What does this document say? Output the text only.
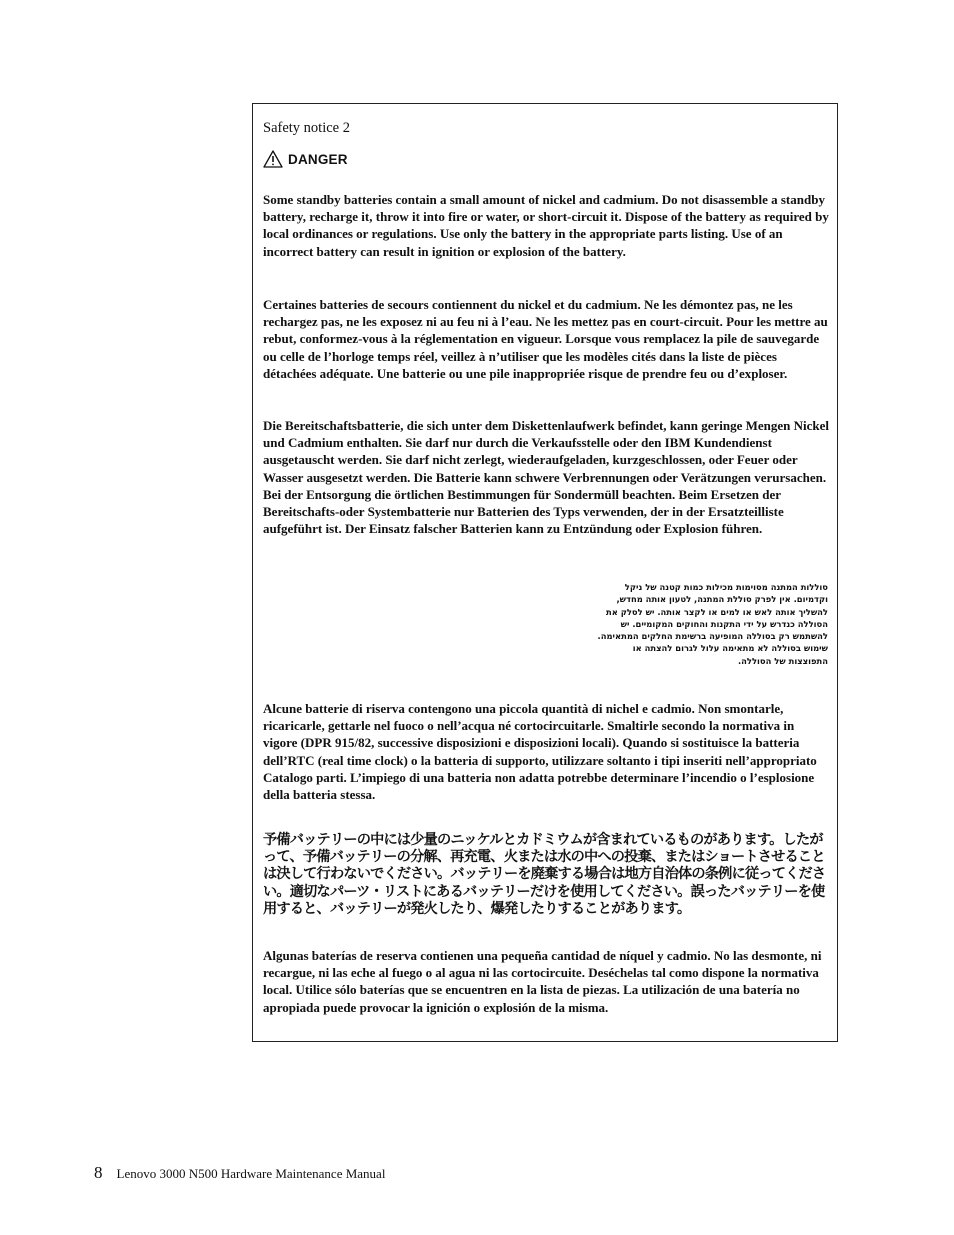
Safety notice 2
DANGER

Some standby batteries contain a small amount of nickel and cadmium. Do not disassemble a standby battery, recharge it, throw it into fire or water, or short-circuit it. Dispose of the battery as required by local ordinances or regulations. Use only the battery in the appropriate parts listing. Use of an incorrect battery can result in ignition or explosion of the battery.

Certaines batteries de secours contiennent du nickel et du cadmium. Ne les démontez pas, ne les rechargez pas, ne les exposez ni au feu ni à l’eau. Ne les mettez pas en court-circuit. Pour les mettre au rebut, conformez-vous à la réglementation en vigueur. Lorsque vous remplacez la pile de sauvegarde ou celle de l’horloge temps réel, veillez à n’utiliser que les modèles cités dans la liste de pièces détachées adéquate. Une batterie ou une pile inappropriée risque de prendre feu ou d’exploser.

Die Bereitschaftsbatterie, die sich unter dem Diskettenlaufwerk befindet, kann geringe Mengen Nickel und Cadmium enthalten. Sie darf nur durch die Verkaufsstelle oder den IBM Kundendienst ausgetauscht werden. Sie darf nicht zerlegt, wiederaufgeladen, kurzgeschlossen, oder Feuer oder Wasser ausgesetzt werden. Die Batterie kann schwere Verbrennungen oder Verätzungen verursachen. Bei der Entsorgung die örtlichen Bestimmungen für Sondermüll beachten. Beim Ersetzen der Bereitschafts-oder Systembatterie nur Batterien des Typs verwenden, der in der Ersatzteilliste aufgeführt ist. Der Einsatz falscher Batterien kann zu Entzündung oder Explosion führen.

סוללות המתנה מסוימות מכילות כמות קטנה של ניקל וקדמיום. אין לפרק סוללת המתנה, לטעון אותה מחדש, להשליך אותה לאש או למים או לקצר אותה. יש לסלק את הסוללה כנדרש על ידי התקנות והחוקים המקומיים. יש להשתמש רק בסוללה המופיעה ברשימת החלקים המתאימה. שימוש בסוללה לא מתאימה עלול לגרום להצתה או התפוצצות של הסוללה.

Alcune batterie di riserva contengono una piccola quantità di nichel e cadmio. Non smontarle, ricaricarle, gettarle nel fuoco o nell’acqua né cortocircuitarle. Smaltirle secondo la normativa in vigore (DPR 915/82, successive disposizioni e disposizioni locali). Quando si sostituisce la batteria dell’RTC (real time clock) o la batteria di supporto, utilizzare soltanto i tipi inseriti nell’appropriato Catalogo parti. L’impiego di una batteria non adatta potrebbe determinare l’incendio o l’esplosione della batteria stessa.

予備バッテリーの中には少量のニッケルとカドミウムが含まれているものがあります。したがって、予備バッテリーの分解、再充電、火または水の中への投棄、またはショートさせることは決して行わないでください。バッテリーを廃棄する場合は地方自治体の条例に従ってください。適切なパーツ・リストにあるバッテリーだけを使用してください。誤ったバッテリーを使用すると、バッテリーが発火したり、爆発したりすることがあります。

Algunas baterías de reserva contienen una pequeña cantidad de níquel y cadmio. No las desmonte, ni recargue, ni las eche al fuego o al agua ni las cortocircuite. Deséchelas tal como dispone la normativa local. Utilice sólo baterías que se encuentren en la lista de piezas. La utilización de una batería no apropiada puede provocar la ignición o explosión de la misma.

8 Lenovo 3000 N500 Hardware Maintenance Manual
